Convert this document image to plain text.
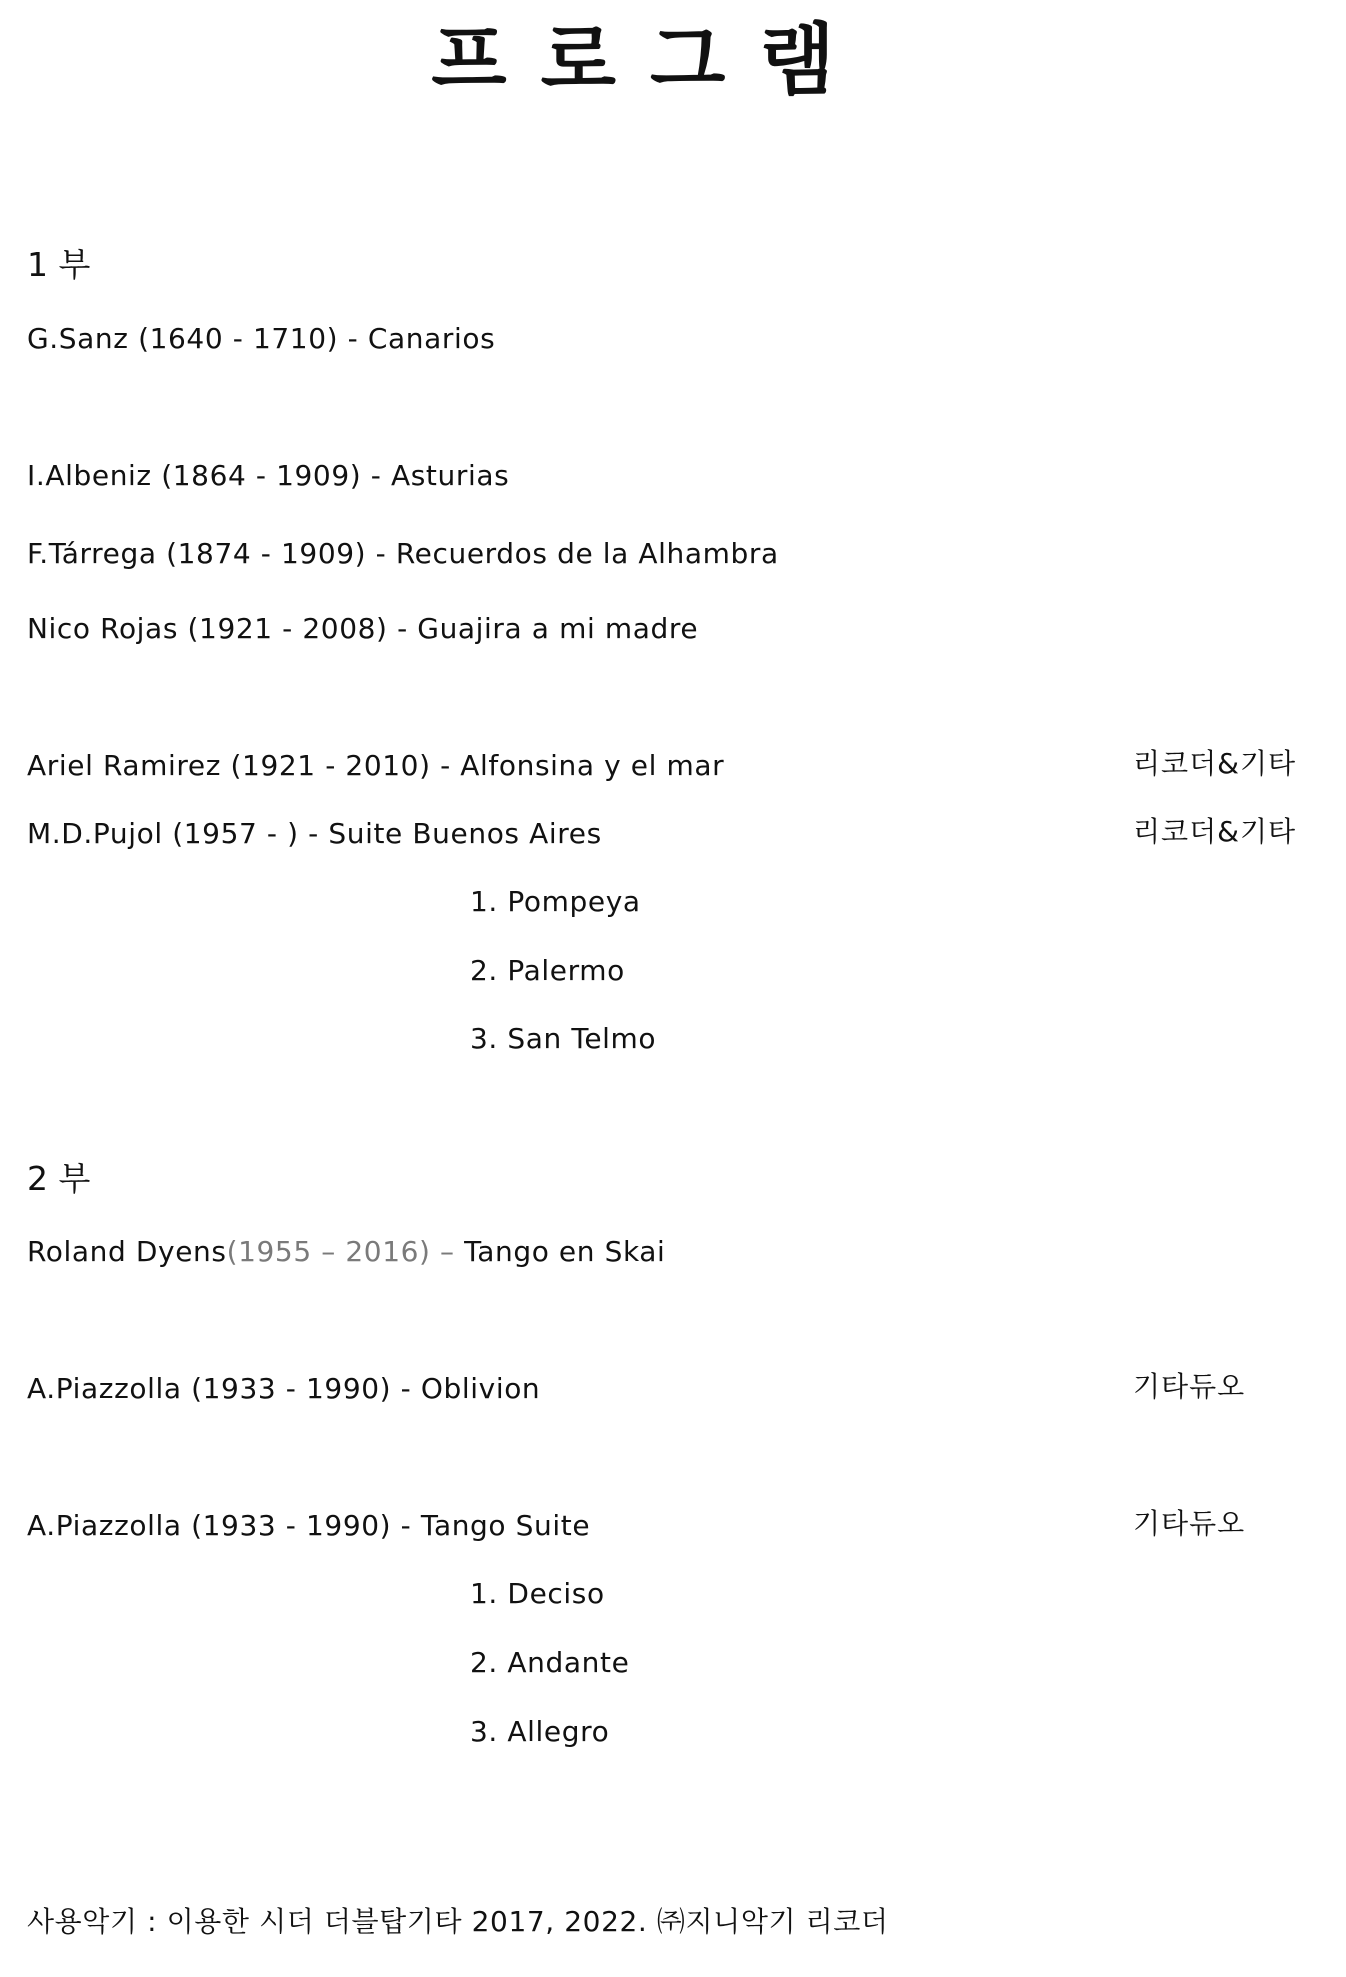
프로그램
1 부
G.Sanz (1640 - 1710) - Canarios
I.Albeniz (1864 - 1909) - Asturias
F.Tárrega (1874 - 1909) - Recuerdos de la Alhambra
Nico Rojas (1921 - 2008) - Guajira a mi madre
Ariel Ramirez (1921 - 2010) - Alfonsina y el mar	리코더&기타
M.D.Pujol (1957 - ) - Suite Buenos Aires	리코더&기타
1. Pompeya
2. Palermo
3. San Telmo
2 부
Roland Dyens(1955 – 2016) – Tango en Skai
A.Piazzolla (1933 - 1990) - Oblivion	기타듀오
A.Piazzolla (1933 - 1990) - Tango Suite	기타듀오
1. Deciso
2. Andante
3. Allegro
사용악기 : 이용한 시더 더블탑기타 2017, 2022. ㈜지니악기 리코더
